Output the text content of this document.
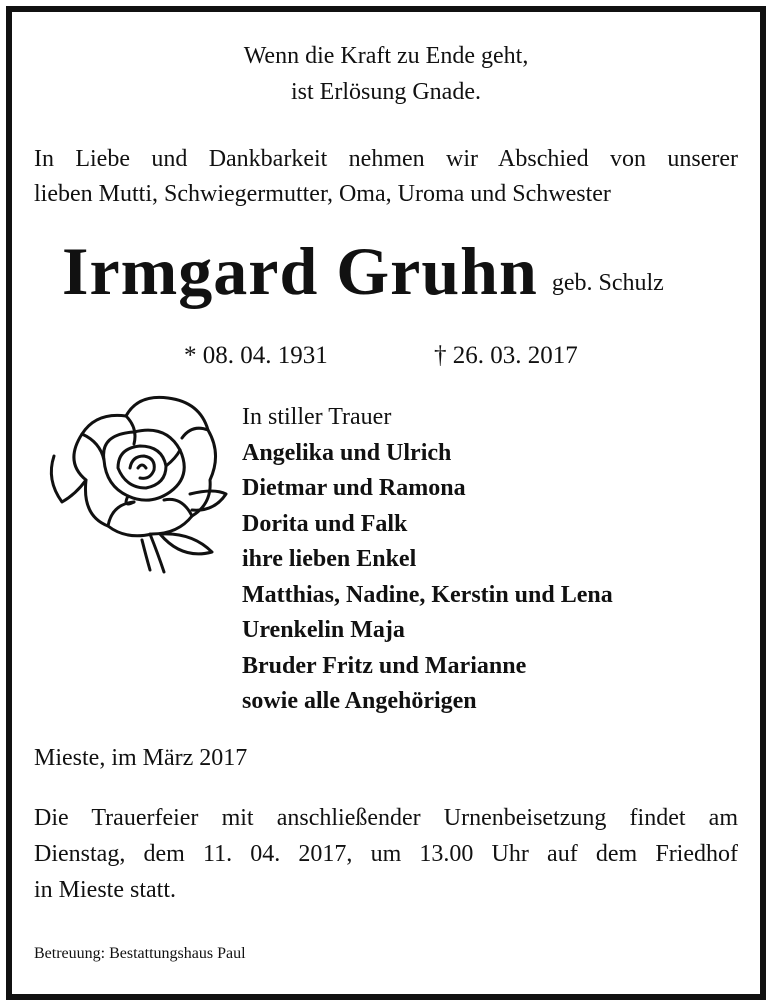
Wenn die Kraft zu Ende geht,
ist Erlösung Gnade.
In Liebe und Dankbarkeit nehmen wir Abschied von unserer
lieben Mutti, Schwiegermutter, Oma, Uroma und Schwester
Irmgard Gruhn geb. Schulz
* 08. 04. 1931	† 26. 03. 2017
In stiller Trauer
Angelika und Ulrich
Dietmar und Ramona
Dorita und Falk
ihre lieben Enkel
Matthias, Nadine, Kerstin und Lena
Urenkelin Maja
Bruder Fritz und Marianne
sowie alle Angehörigen
Mieste, im März 2017
Die Trauerfeier mit anschließender Urnenbeisetzung findet am
Dienstag, dem 11. 04. 2017, um 13.00 Uhr auf dem Friedhof
in Mieste statt.
Betreuung: Bestattungshaus Paul
